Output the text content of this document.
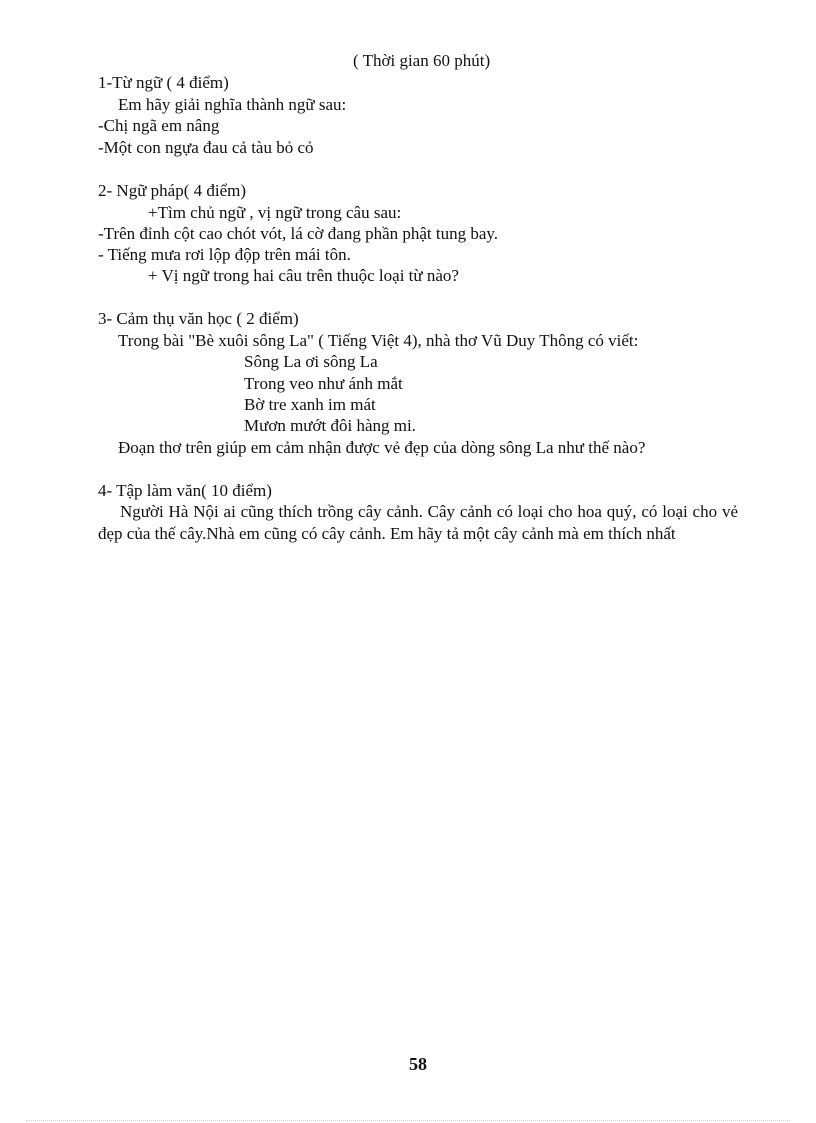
( Thời gian 60 phút)
1-Từ ngữ ( 4 điểm)
Em hãy giải nghĩa thành ngữ sau:
-Chị ngã em nâng
-Một con ngựa đau cả tàu bỏ cỏ
2- Ngữ pháp( 4 điểm)
+Tìm chủ ngữ , vị ngữ trong câu sau:
-Trên đỉnh cột cao chót vót, lá cờ đang phần phật tung bay.
- Tiếng mưa rơi lộp độp trên mái tôn.
+ Vị ngữ trong hai câu trên thuộc loại từ nào?
3- Cảm thụ văn học ( 2 điểm)
Trong bài "Bè xuôi sông La" ( Tiếng Việt 4), nhà thơ Vũ Duy Thông có viết:
Sông La ơi sông La
Trong veo như ánh mắt
Bờ tre xanh im mát
Mươn mướt đôi hàng mi.
Đoạn thơ trên giúp em cảm nhận được vẻ đẹp của dòng sông La như thế nào?
4- Tập làm văn( 10 điểm)
Người Hà Nội ai cũng thích trồng cây cảnh. Cây cảnh có loại cho hoa quý, có loại cho vẻ đẹp của thế cây.Nhà em cũng có cây cảnh. Em hãy tả một cây cảnh mà em thích nhất
58
